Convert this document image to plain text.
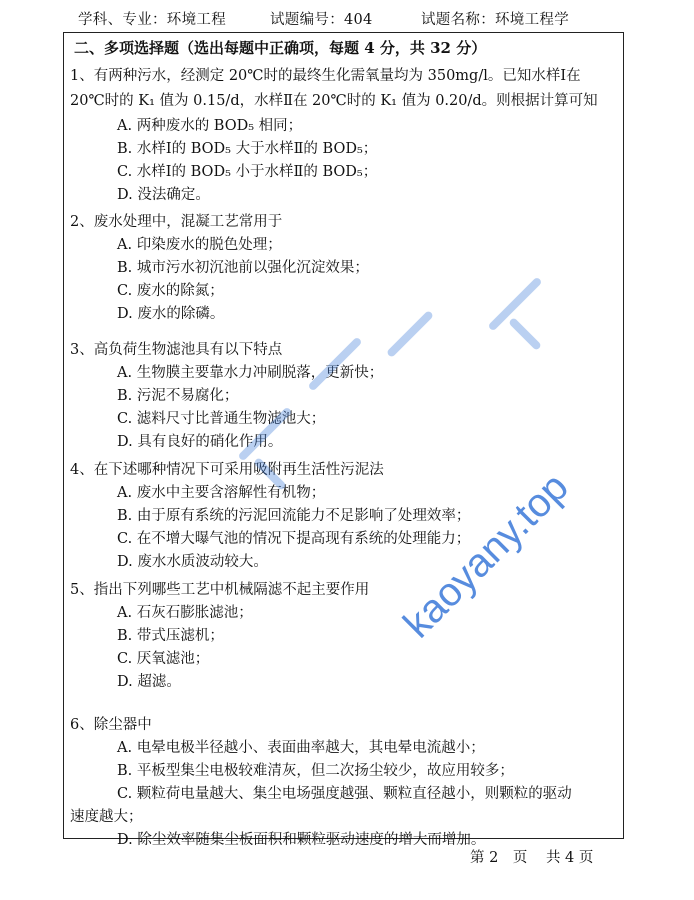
学科、专业：环境工程	试题编号：404	试题名称：环境工程学
二、多项选择题（选出每题中正确项，每题 4 分，共 32 分）
1、有两种污水，经测定 20℃时的最终生化需氧量均为 350mg/l。已知水样Ⅰ在
20℃时的 K₁ 值为 0.15/d，水样Ⅱ在 20℃时的 K₁ 值为 0.20/d。则根据计算可知
A. 两种废水的 BOD₅ 相同；
B. 水样Ⅰ的 BOD₅ 大于水样Ⅱ的 BOD₅；
C. 水样Ⅰ的 BOD₅ 小于水样Ⅱ的 BOD₅；
D. 没法确定。
2、废水处理中，混凝工艺常用于
A. 印染废水的脱色处理；
B. 城市污水初沉池前以强化沉淀效果；
C. 废水的除氮；
D. 废水的除磷。
3、高负荷生物滤池具有以下特点
A. 生物膜主要靠水力冲刷脱落，更新快；
B. 污泥不易腐化；
C. 滤料尺寸比普通生物滤池大；
D. 具有良好的硝化作用。
4、在下述哪种情况下可采用吸附再生活性污泥法
A. 废水中主要含溶解性有机物；
B. 由于原有系统的污泥回流能力不足影响了处理效率；
C. 在不增大曝气池的情况下提高现有系统的处理能力；
D. 废水水质波动较大。
5、指出下列哪些工艺中机械隔滤不起主要作用
A. 石灰石膨胀滤池；
B. 带式压滤机；
C. 厌氧滤池；
D. 超滤。
6、除尘器中
A. 电晕电极半径越小、表面曲率越大，其电晕电流越小；
B. 平板型集尘电极较难清灰，但二次扬尘较少，故应用较多；
C. 颗粒荷电量越大、集尘电场强度越强、颗粒直径越小，则颗粒的驱动
速度越大；
D. 除尘效率随集尘板面积和颗粒驱动速度的增大而增加。
第 2　页 共 4 页
kaoyany.top
